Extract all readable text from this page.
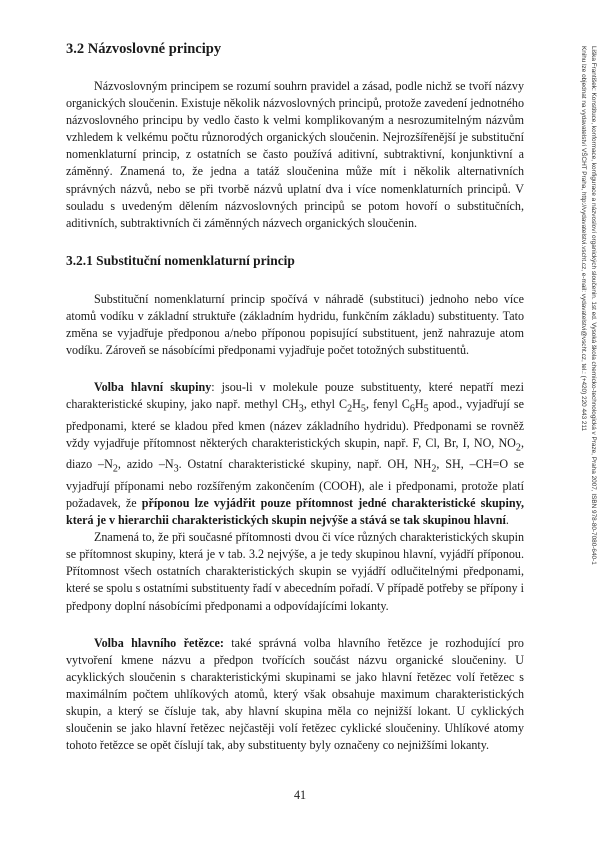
3.2 Názvoslovné principy

Názvoslovným principem se rozumí souhrn pravidel a zásad, podle nichž se tvoří názvy organických sloučenin. Existuje několik názvoslovných principů, protože zavedení jednotného názvoslovného principu by vedlo často k velmi komplikovaným a nesrozumitelným názvům vzhledem k velkému počtu různorodých organických sloučenin. Nejrozšířenější je substituční nomenklaturní princip, z ostatních se často používá aditivní, subtraktivní, konjunktivní a záměnný. Znamená to, že jedna a tatáž sloučenina může mít i několik alternativních správných názvů, nebo se při tvorbě názvů uplatní dva i více nomenklaturních principů. V souladu s uvedeným dělením názvoslovných principů se potom hovoří o substitučních, aditivních, subtraktivních či záměnných názvech organických sloučenin.

3.2.1 Substituční nomenklaturní princip

Substituční nomenklaturní princip spočívá v náhradě (substituci) jednoho nebo více atomů vodíku v základní struktuře (základním hydridu, funkčním základu) substituenty. Tato změna se vyjadřuje předponou a/nebo příponou popisující substituent, jenž nahrazuje atom vodíku. Zároveň se násobícími předponami vyjadřuje počet totožných substituentů.

Volba hlavní skupiny: jsou-li v molekule pouze substituenty, které nepatří mezi charakteristické skupiny, jako např. methyl $CH_3$, ethyl $C_2H_5$, fenyl $C_6H_5$ apod., vyjadřují se předponami, které se kladou před kmen (název základního hydridu). Předponami se rovněž vždy vyjadřuje přítomnost některých charakteristických skupin, např. F, Cl, Br, I, NO, $NO_2$, diazo $-N_2$, azido $-N_3$. Ostatní charakteristické skupiny, např. OH, $NH_2$, SH, –CH=O se vyjadřují příponami nebo rozšířeným zakončením (COOH), ale i předponami, protože platí požadavek, že příponou lze vyjádřit pouze přítomnost jedné charakteristické skupiny, která je v hierarchii charakteristických skupin nejvýše a stává se tak skupinou hlavní.

Znamená to, že při současné přítomnosti dvou či více různých charakteristických skupin se přítomnost skupiny, která je v tab. 3.2 nejvýše, a je tedy skupinou hlavní, vyjádří příponou. Přítomnost všech ostatních charakteristických skupin se vyjádří odlučitelnými předponami, které se spolu s ostatními substituenty řadí v abecedním pořadí. V případě potřeby se přípony i předpony doplní násobícími předponami a odpovídajícími lokanty.

Volba hlavního řetězce: také správná volba hlavního řetězce je rozhodující pro vytvoření kmene názvu a předpon tvořících součást názvu organické sloučeniny. U acyklických sloučenin s charakteristickými skupinami se jako hlavní řetězec volí řetězec s maximálním počtem uhlíkových atomů, který však obsahuje maximum charakteristických skupin, a který se čísluje tak, aby hlavní skupina měla co nejnižší lokant. U cyklických sloučenin se jako hlavní řetězec nejčastěji volí řetězec cyklické sloučeniny. Uhlíkové atomy tohoto řetězce se opět číslují tak, aby substituenty byly označeny co nejnižšími lokanty.

41
Liška František: Konstituce, konformace, konfigurace a názvosloví organických sloučenin. 1st ed. Vysoká škola chemicko-technologická v Praze, Praha 2007, ISBN 978-80-7080-640-1
Knihu lze objednat na vydavatelství VŠCHT Praha, http://vydavatelstvi.vscht.cz, e-mail: vydavatelstvi@vscht.cz, tel.: (+420) 220 443 211
